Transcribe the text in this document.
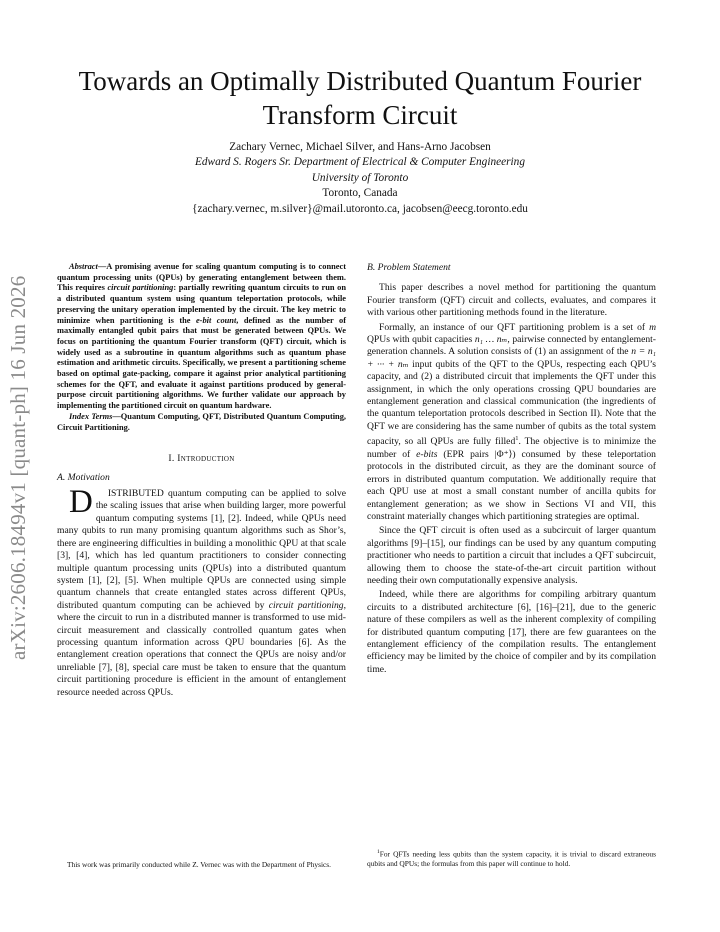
arXiv:2606.18494v1 [quant-ph] 16 Jun 2026
Towards an Optimally Distributed Quantum Fourier Transform Circuit
Zachary Vernec, Michael Silver, and Hans-Arno Jacobsen
Edward S. Rogers Sr. Department of Electrical & Computer Engineering
University of Toronto
Toronto, Canada
{zachary.vernec, m.silver}@mail.utoronto.ca, jacobsen@eecg.toronto.edu

Abstract—A promising avenue for scaling quantum computing is to connect quantum processing units (QPUs) by generating entanglement between them. This requires circuit partitioning: partially rewriting quantum circuits to run on a distributed quantum system using quantum teleportation protocols, while preserving the unitary operation implemented by the circuit. The key metric to minimize when partitioning is the e-bit count, defined as the number of maximally entangled qubit pairs that must be generated between QPUs. We focus on partitioning the quantum Fourier transform (QFT) circuit, which is widely used as a subroutine in quantum algorithms such as quantum phase estimation and arithmetic circuits. Specifically, we present a partitioning scheme based on optimal gate-packing, compare it against prior analytical partitioning schemes for the QFT, and evaluate it against partitions produced by general-purpose circuit partitioning algorithms. We further validate our approach by implementing the partitioned circuit on quantum hardware.

Index Terms—Quantum Computing, QFT, Distributed Quantum Computing, Circuit Partitioning.

I. Introduction
A. Motivation

D ISTRIBUTED quantum computing can be applied to solve the scaling issues that arise when building larger, more powerful quantum computing systems [1], [2]. Indeed, while QPUs need many qubits to run many promising quantum algorithms such as Shor’s, there are engineering difficulties in building a monolithic QPU at that scale [3], [4], which has led quantum practitioners to consider connecting multiple quantum processing units (QPUs) into a distributed quantum system [1], [2], [5]. When multiple QPUs are connected using simple quantum channels that create entangled states across different QPUs, distributed quantum computing can be achieved by circuit partitioning, where the circuit to run in a distributed manner is transformed to use mid-circuit measurement and classically controlled quantum gates when processing quantum information across QPU boundaries [6]. As the entanglement creation operations that connect the QPUs are noisy and/or unreliable [7], [8], special care must be taken to ensure that the quantum circuit partitioning procedure is efficient in the amount of entanglement resource needed across QPUs.

This work was primarily conducted while Z. Vernec was with the Department of Physics.
B. Problem Statement

This paper describes a novel method for partitioning the quantum Fourier transform (QFT) circuit and collects, evaluates, and compares it with various other partitioning methods found in the literature.

Formally, an instance of our QFT partitioning problem is a set of m QPUs with qubit capacities n₁ … nₘ, pairwise connected by entanglement-generation channels. A solution consists of (1) an assignment of the n = n₁ + ··· + nₘ input qubits of the QFT to the QPUs, respecting each QPU’s capacity, and (2) a distributed circuit that implements the QFT under this assignment, in which the only operations crossing QPU boundaries are entanglement generation and classical communication (the ingredients of the quantum teleportation protocols described in Section II). Note that the QFT we are considering has the same number of qubits as the total system capacity, so all QPUs are fully filled$^1$. The objective is to minimize the number of e-bits (EPR pairs |Φ⁺⟩) consumed by these teleportation protocols in the distributed circuit, as they are the dominant source of errors in distributed quantum computation. We additionally require that each QPU use at most a small constant number of ancilla qubits for entanglement generation; as we show in Sections VI and VII, this constraint materially changes which partitioning strategies are optimal.

Since the QFT circuit is often used as a subcircuit of larger quantum algorithms [9]–[15], our findings can be used by any quantum computing practitioner who needs to partition a circuit that includes a QFT subcircuit, allowing them to choose the state-of-the-art circuit partition without needing their own computationally expensive analysis.

Indeed, while there are algorithms for compiling arbitrary quantum circuits to a distributed architecture [6], [16]–[21], due to the generic nature of these compilers as well as the inherent complexity of compiling for distributed quantum computing [17], there are few guarantees on the entanglement efficiency of the compilation results. The entanglement efficiency may be limited by the choice of compiler and by its compilation time.

$^1$For QFTs needing less qubits than the system capacity, it is trivial to discard extraneous qubits and QPUs; the formulas from this paper will continue to hold.
